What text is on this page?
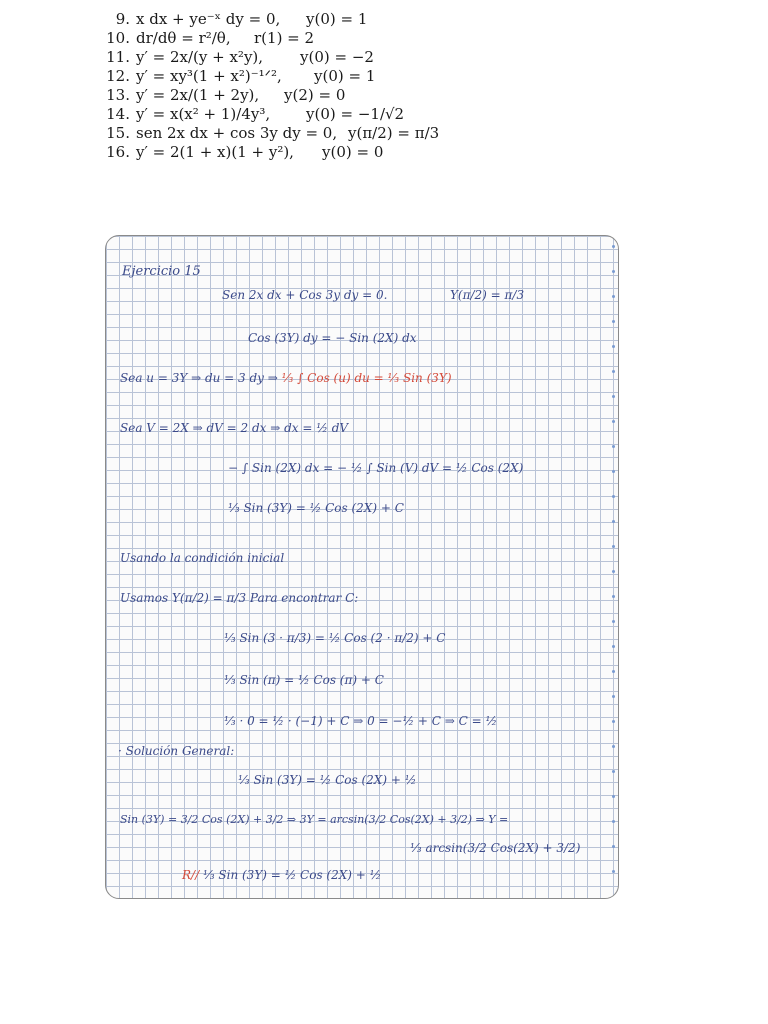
9. x dx + ye⁻ˣ dy = 0, y(0) = 1
10. dr/dθ = r²/θ, r(1) = 2
11. y′ = 2x/(y + x²y), y(0) = −2
12. y′ = xy³(1 + x²)⁻¹ᐟ², y(0) = 1
13. y′ = 2x/(1 + 2y), y(2) = 0
14. y′ = x(x² + 1)/4y³, y(0) = −1/√2
15. sen 2x dx + cos 3y dy = 0, y(π/2) = π/3
16. y′ = 2(1 + x)(1 + y²), y(0) = 0
Ejercicio 15
Sen 2x dx + Cos 3y dy = 0.	Y(π/2) = π/3
Cos (3Y) dy = − Sin (2X) dx
Sea u = 3Y ⇒ du = 3 dy ⇒ ⅓ ∫ Cos (u) du = ⅓ Sin (3Y)
Sea V = 2X ⇒ dV = 2 dx ⇒ dx = ½ dV
− ∫ Sin (2X) dx = − ½ ∫ Sin (V) dV = ½ Cos (2X)
⅓ Sin (3Y) = ½ Cos (2X) + C
Usando la condición inicial
Usamos Y(π/2) = π/3 Para encontrar C:
⅓ Sin (3 · π/3) = ½ Cos (2 · π/2) + C
⅓ Sin (π) = ½ Cos (π) + C
⅓ · 0 = ½ · (−1) + C ⇒ 0 = −½ + C ⇒ C = ½
· Solución General:
⅓ Sin (3Y) = ½ Cos (2X) + ½
Sin (3Y) = 3/2 Cos (2X) + 3/2 ⇒ 3Y = arcsin(3/2 Cos(2X) + 3/2) ⇒ Y =
⅓ arcsin(3/2 Cos(2X) + 3/2)
R// ⅓ Sin (3Y) = ½ Cos (2X) + ½
